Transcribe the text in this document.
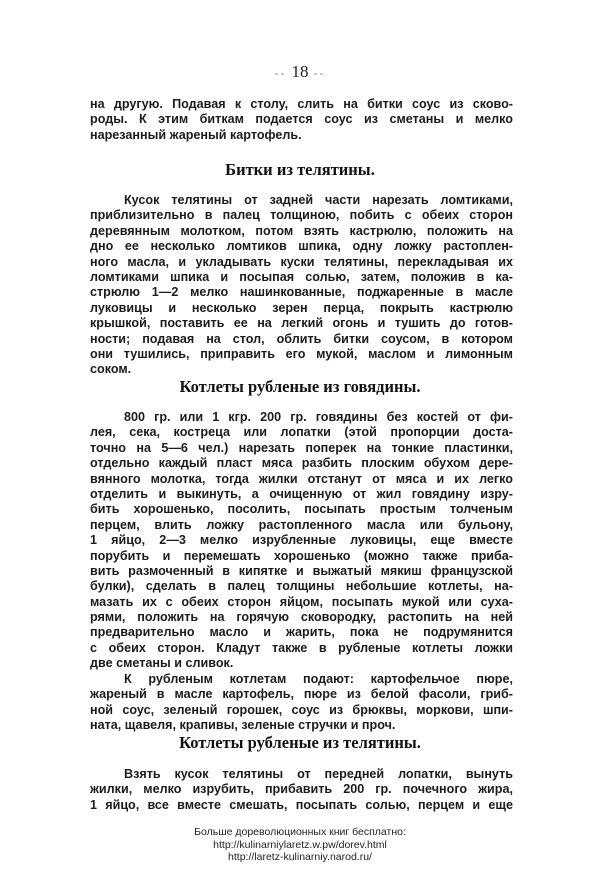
-- 18 --
на другую. Подавая к столу, слить на битки соус из сково-
роды. К этим биткам подается соус из сметаны и мелко
нарезанный жареный картофель.
Битки из телятины.
Кусок телятины от задней части нарезать ломтиками,
приблизительно в палец толщиною, побить с обеих сторон
деревянным молотком, потом взять кастрюлю, положить на
дно ее несколько ломтиков шпика, одну ложку растоплен-
ного масла, и укладывать куски телятины, перекладывая их
ломтиками шпика и посыпая солью, затем, положив в ка-
стрюлю 1—2 мелко нашинкованные, поджаренные в масле
луковицы и несколько зерен перца, покрыть кастрюлю
крышкой, поставить ее на легкий огонь и тушить до готов-
ности; подавая на стол, облить битки соусом, в котором
они тушились, приправить его мукой, маслом и лимонным
соком.
Котлеты рубленые из говядины.
800 гр. или 1 кгр. 200 гр. говядины без костей от фи-
лея, сека, костреца или лопатки (этой пропорции доста-
точно на 5—6 чел.) нарезать поперек на тонкие пластинки,
отдельно каждый пласт мяса разбить плоским обухом дере-
вянного молотка, тогда жилки отстанут от мяса и их легко
отделить и выкинуть, а очищенную от жил говядину изру-
бить хорошенько, посолить, посыпать простым толченым
перцем, влить ложку растопленного масла или бульону,
1 яйцо, 2—3 мелко изрубленные луковицы, еще вместе
порубить и перемешать хорошенько (можно также приба-
вить размоченный в кипятке и выжатый мякиш французской
булки), сделать в палец толщины небольшие котлеты, на-
мазать их с обеих сторон яйцом, посыпать мукой или суха-
рями, положить на горячую сковородку, растопить на ней
предварительно масло и жарить, пока не подрумянится
с обеих сторон. Кладут также в рубленые котлеты ложки
две сметаны и сливок.
К рубленым котлетам подают: картофельчое пюре,
жареный в масле картофель, пюре из белой фасоли, гриб-
ной соус, зеленый горошек, соус из брюквы, моркови, шпи-
ната, щавеля, крапивы, зеленые стручки и проч.
Котлеты рубленые из телятины.
Взять кусок телятины от передней лопатки, вынуть
жилки, мелко изрубить, прибавить 200 гр. почечного жира,
1 яйцо, все вместе смешать, посыпать солью, перцем и еще
Больше дореволюционных книг бесплатно:
http://kulinarniylaretz.w.pw/dorev.html
http://laretz-kulinarniy.narod.ru/
